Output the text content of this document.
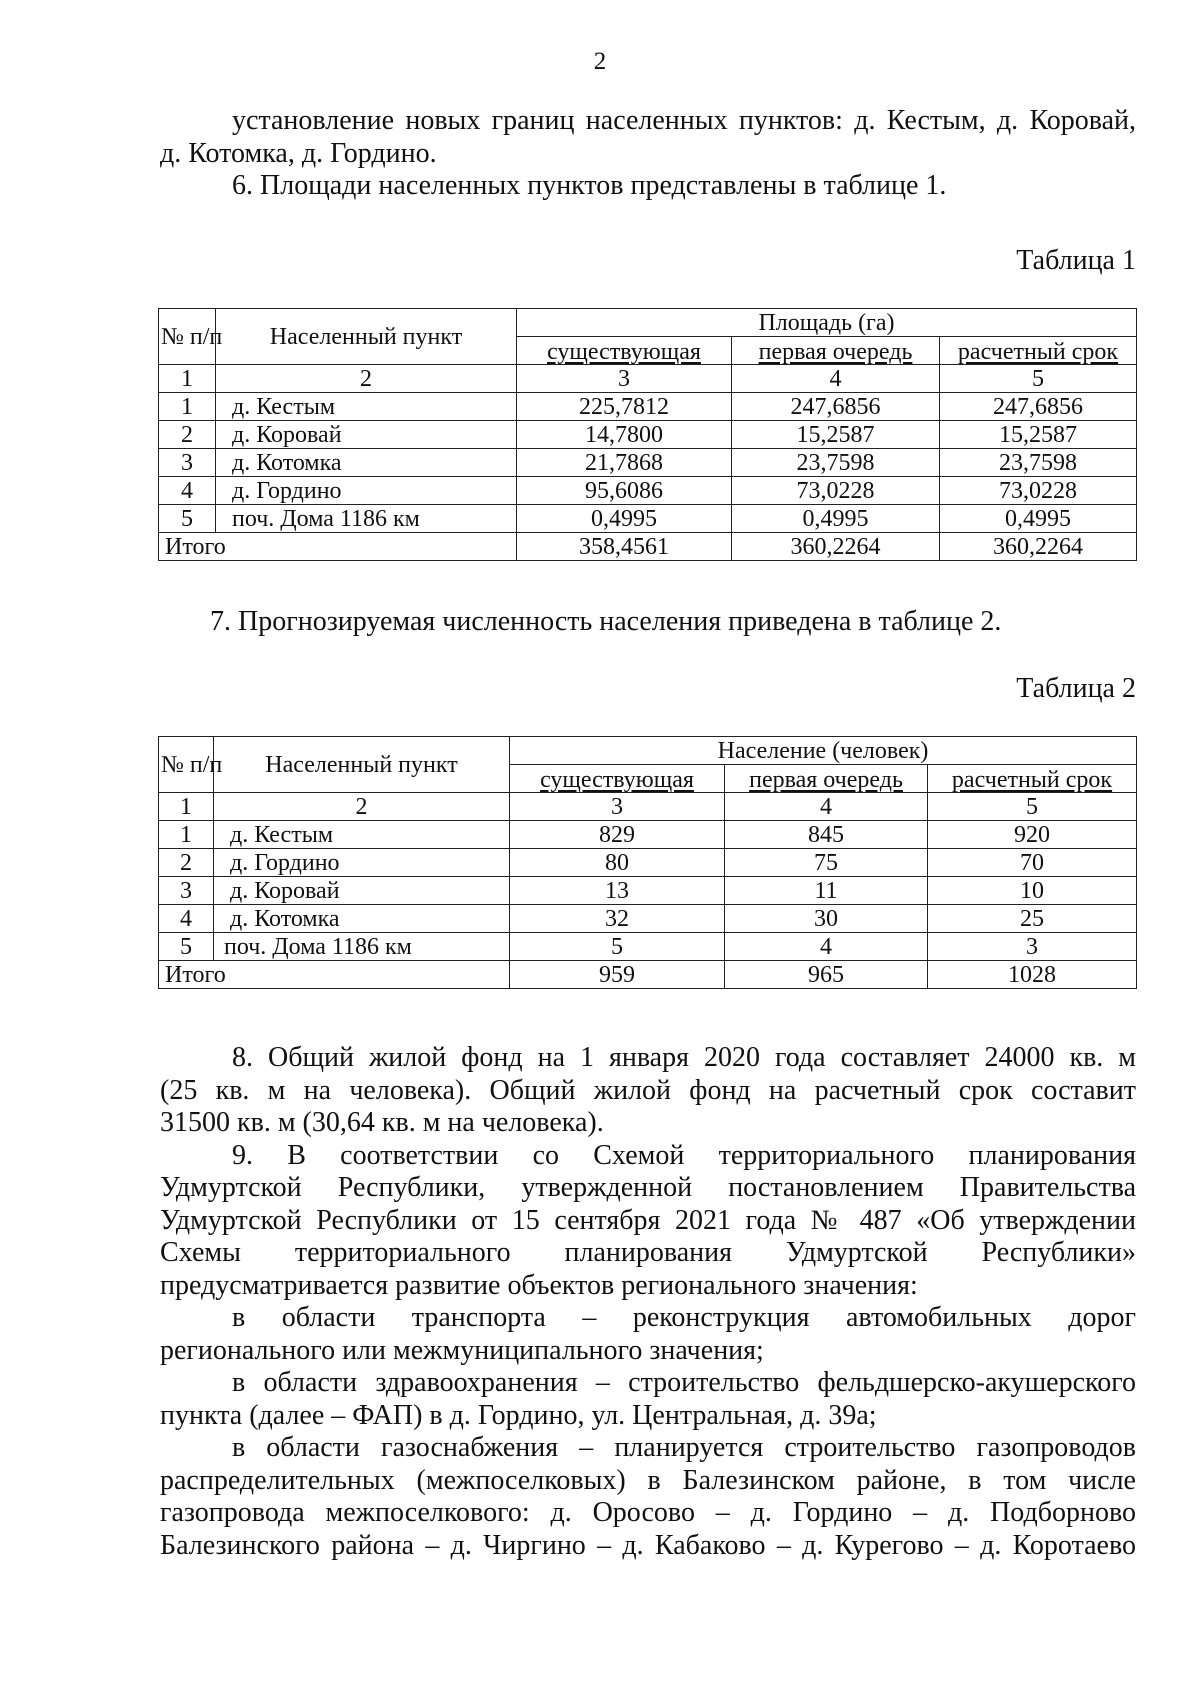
2
установление новых границ населенных пунктов: д. Кестым, д. Коровай,
д. Котомка, д. Гордино.
6. Площади населенных пунктов представлены в таблице 1.
Таблица 1
№ п/п	Населенный пункт	Площадь (га)		
		существующая	первая очередь	расчетный срок
1	2	3	4	5
1	д. Кестым	225,7812	247,6856	247,6856
2	д. Коровай	14,7800	15,2587	15,2587
3	д. Котомка	21,7868	23,7598	23,7598
4	д. Гордино	95,6086	73,0228	73,0228
5	поч. Дома 1186 км	0,4995	0,4995	0,4995
Итого		358,4561	360,2264	360,2264
7. Прогнозируемая численность населения приведена в таблице 2.
Таблица 2
№ п/п	Населенный пункт	Население (человек)		
		существующая	первая очередь	расчетный срок
1	2	3	4	5
1	д. Кестым	829	845	920
2	д. Гордино	80	75	70
3	д. Коровай	13	11	10
4	д. Котомка	32	30	25
5	поч. Дома 1186 км	5	4	3
Итого		959	965	1028
8. Общий жилой фонд на 1 января 2020 года составляет 24000 кв. м
(25 кв. м на человека). Общий жилой фонд на расчетный срок составит
31500 кв. м (30,64 кв. м на человека).
9. В соответствии со Схемой территориального планирования
Удмуртской Республики, утвержденной постановлением Правительства
Удмуртской Республики от 15 сентября 2021 года № 487 «Об утверждении
Схемы территориального планирования Удмуртской Республики»
предусматривается развитие объектов регионального значения:
в области транспорта – реконструкция автомобильных дорог
регионального или межмуниципального значения;
в области здравоохранения – строительство фельдшерско-акушерского
пункта (далее – ФАП) в д. Гордино, ул. Центральная, д. 39а;
в области газоснабжения – планируется строительство газопроводов
распределительных (межпоселковых) в Балезинском районе, в том числе
газопровода межпоселкового: д. Оросово – д. Гордино – д. Подборново
Балезинского района – д. Чиргино – д. Кабаково – д. Курегово – д. Коротаево
